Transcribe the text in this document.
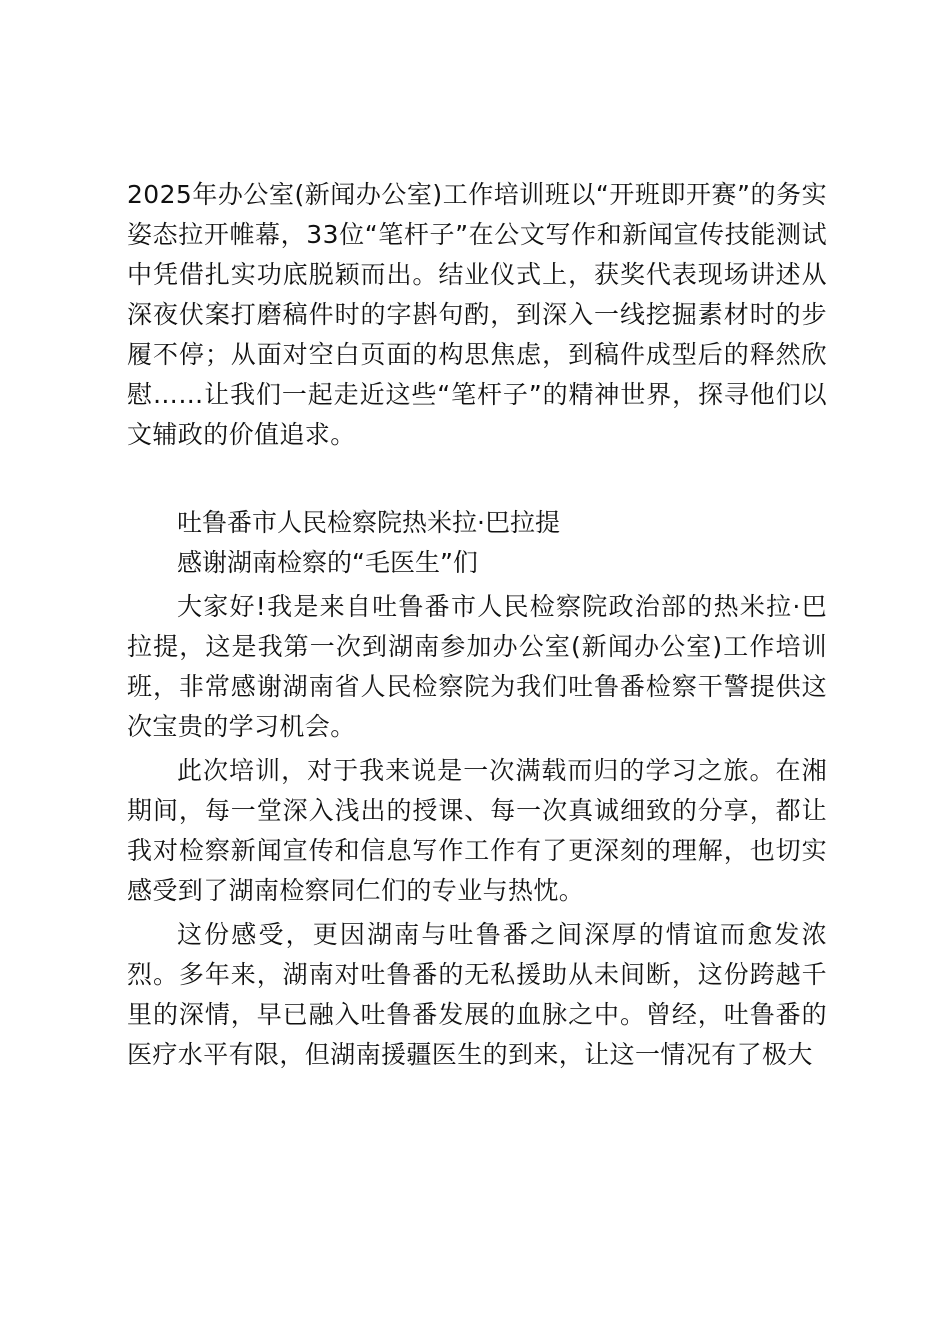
2025年办公室(新闻办公室)工作培训班以“开班即开赛”的务实姿态拉开帷幕，33位“笔杆子”在公文写作和新闻宣传技能测试中凭借扎实功底脱颖而出。结业仪式上，获奖代表现场讲述从深夜伏案打磨稿件时的字斟句酌，到深入一线挖掘素材时的步履不停；从面对空白页面的构思焦虑，到稿件成型后的释然欣慰……让我们一起走近这些“笔杆子”的精神世界，探寻他们以文辅政的价值追求。

吐鲁番市人民检察院热米拉·巴拉提

感谢湖南检察的“毛医生”们

大家好!我是来自吐鲁番市人民检察院政治部的热米拉·巴拉提，这是我第一次到湖南参加办公室(新闻办公室)工作培训班，非常感谢湖南省人民检察院为我们吐鲁番检察干警提供这次宝贵的学习机会。

此次培训，对于我来说是一次满载而归的学习之旅。在湘期间，每一堂深入浅出的授课、每一次真诚细致的分享，都让我对检察新闻宣传和信息写作工作有了更深刻的理解，也切实感受到了湖南检察同仁们的专业与热忱。

这份感受，更因湖南与吐鲁番之间深厚的情谊而愈发浓烈。多年来，湖南对吐鲁番的无私援助从未间断，这份跨越千里的深情，早已融入吐鲁番发展的血脉之中。曾经，吐鲁番的医疗水平有限，但湖南援疆医生的到来，让这一情况有了极大
